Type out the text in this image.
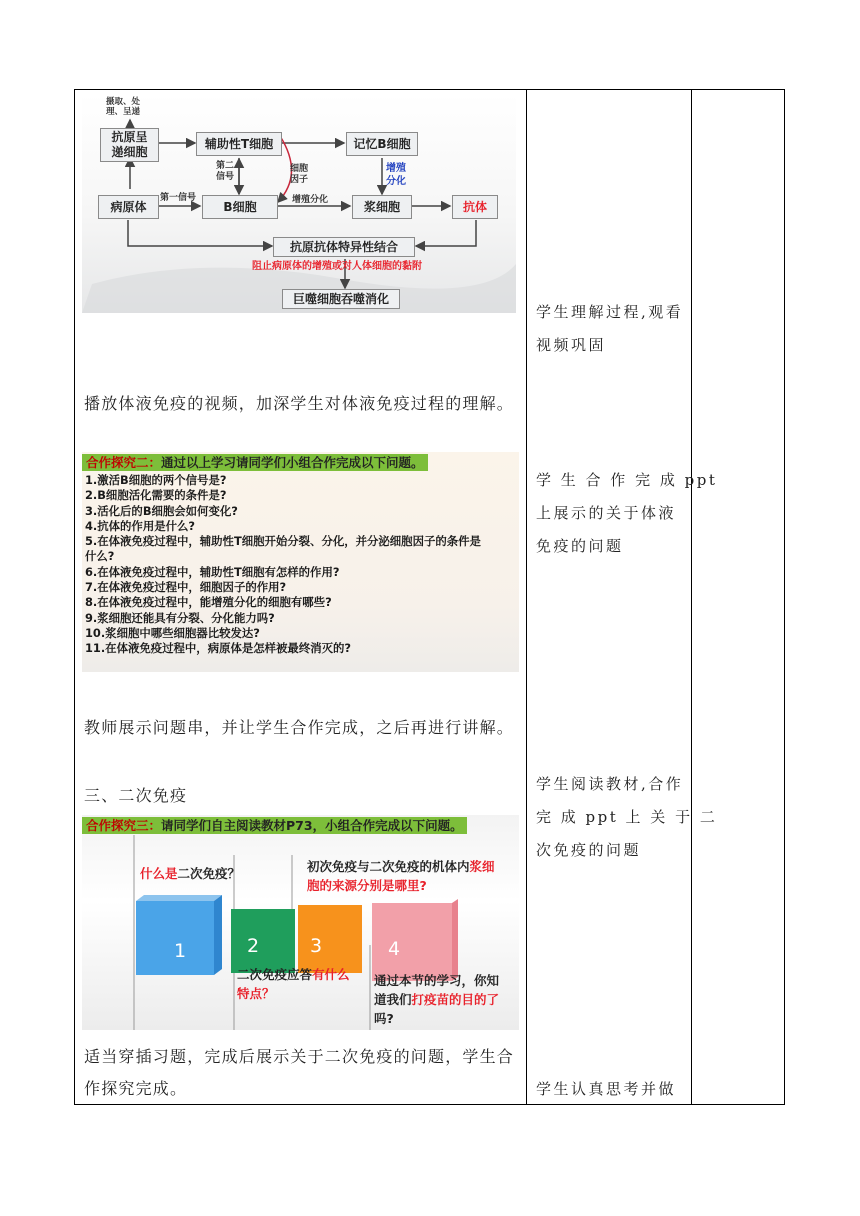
摄取、处
理、呈递
抗原呈
递细胞
辅助性T细胞	记忆B细胞
病原体	B细胞	浆细胞	抗体
抗原抗体特异性结合
阻止病原体的增殖或对人体细胞的黏附
巨噬细胞吞噬消化
第一信号
第二
信号
细胞
因子
增殖分化
增殖
分化
播放体液免疫的视频，加深学生对体液免疫过程的理解。
合作探究二：通过以上学习请同学们小组合作完成以下问题。
1.激活B细胞的两个信号是?
2.B细胞活化需要的条件是?
3.活化后的B细胞会如何变化?
4.抗体的作用是什么?
5.在体液免疫过程中，辅助性T细胞开始分裂、分化，并分泌细胞因子的条件是
什么?
6.在体液免疫过程中，辅助性T细胞有怎样的作用?
7.在体液免疫过程中，细胞因子的作用?
8.在体液免疫过程中，能增殖分化的细胞有哪些?
9.浆细胞还能具有分裂、分化能力吗?
10.浆细胞中哪些细胞器比较发达?
11.在体液免疫过程中，病原体是怎样被最终消灭的?
教师展示问题串，并让学生合作完成，之后再进行讲解。
三、二次免疫
合作探究三：请同学们自主阅读教材P73，小组合作完成以下问题。
1	2	3	4
什么是二次免疫？	初次免疫与二次免疫的机体内浆细
胞的来源分别是哪里?
二次免疫应答有什么
特点？
通过本节的学习，你知
道我们打疫苗的目的了
吗?
适当穿插习题，完成后展示关于二次免疫的问题，学生合
作探究完成。
学生理解过程,观看
视频巩固
学 生 合 作 完 成 ppt
上展示的关于体液
免疫的问题
学生阅读教材,合作
完 成 ppt 上 关 于 二
次免疫的问题
学生认真思考并做
